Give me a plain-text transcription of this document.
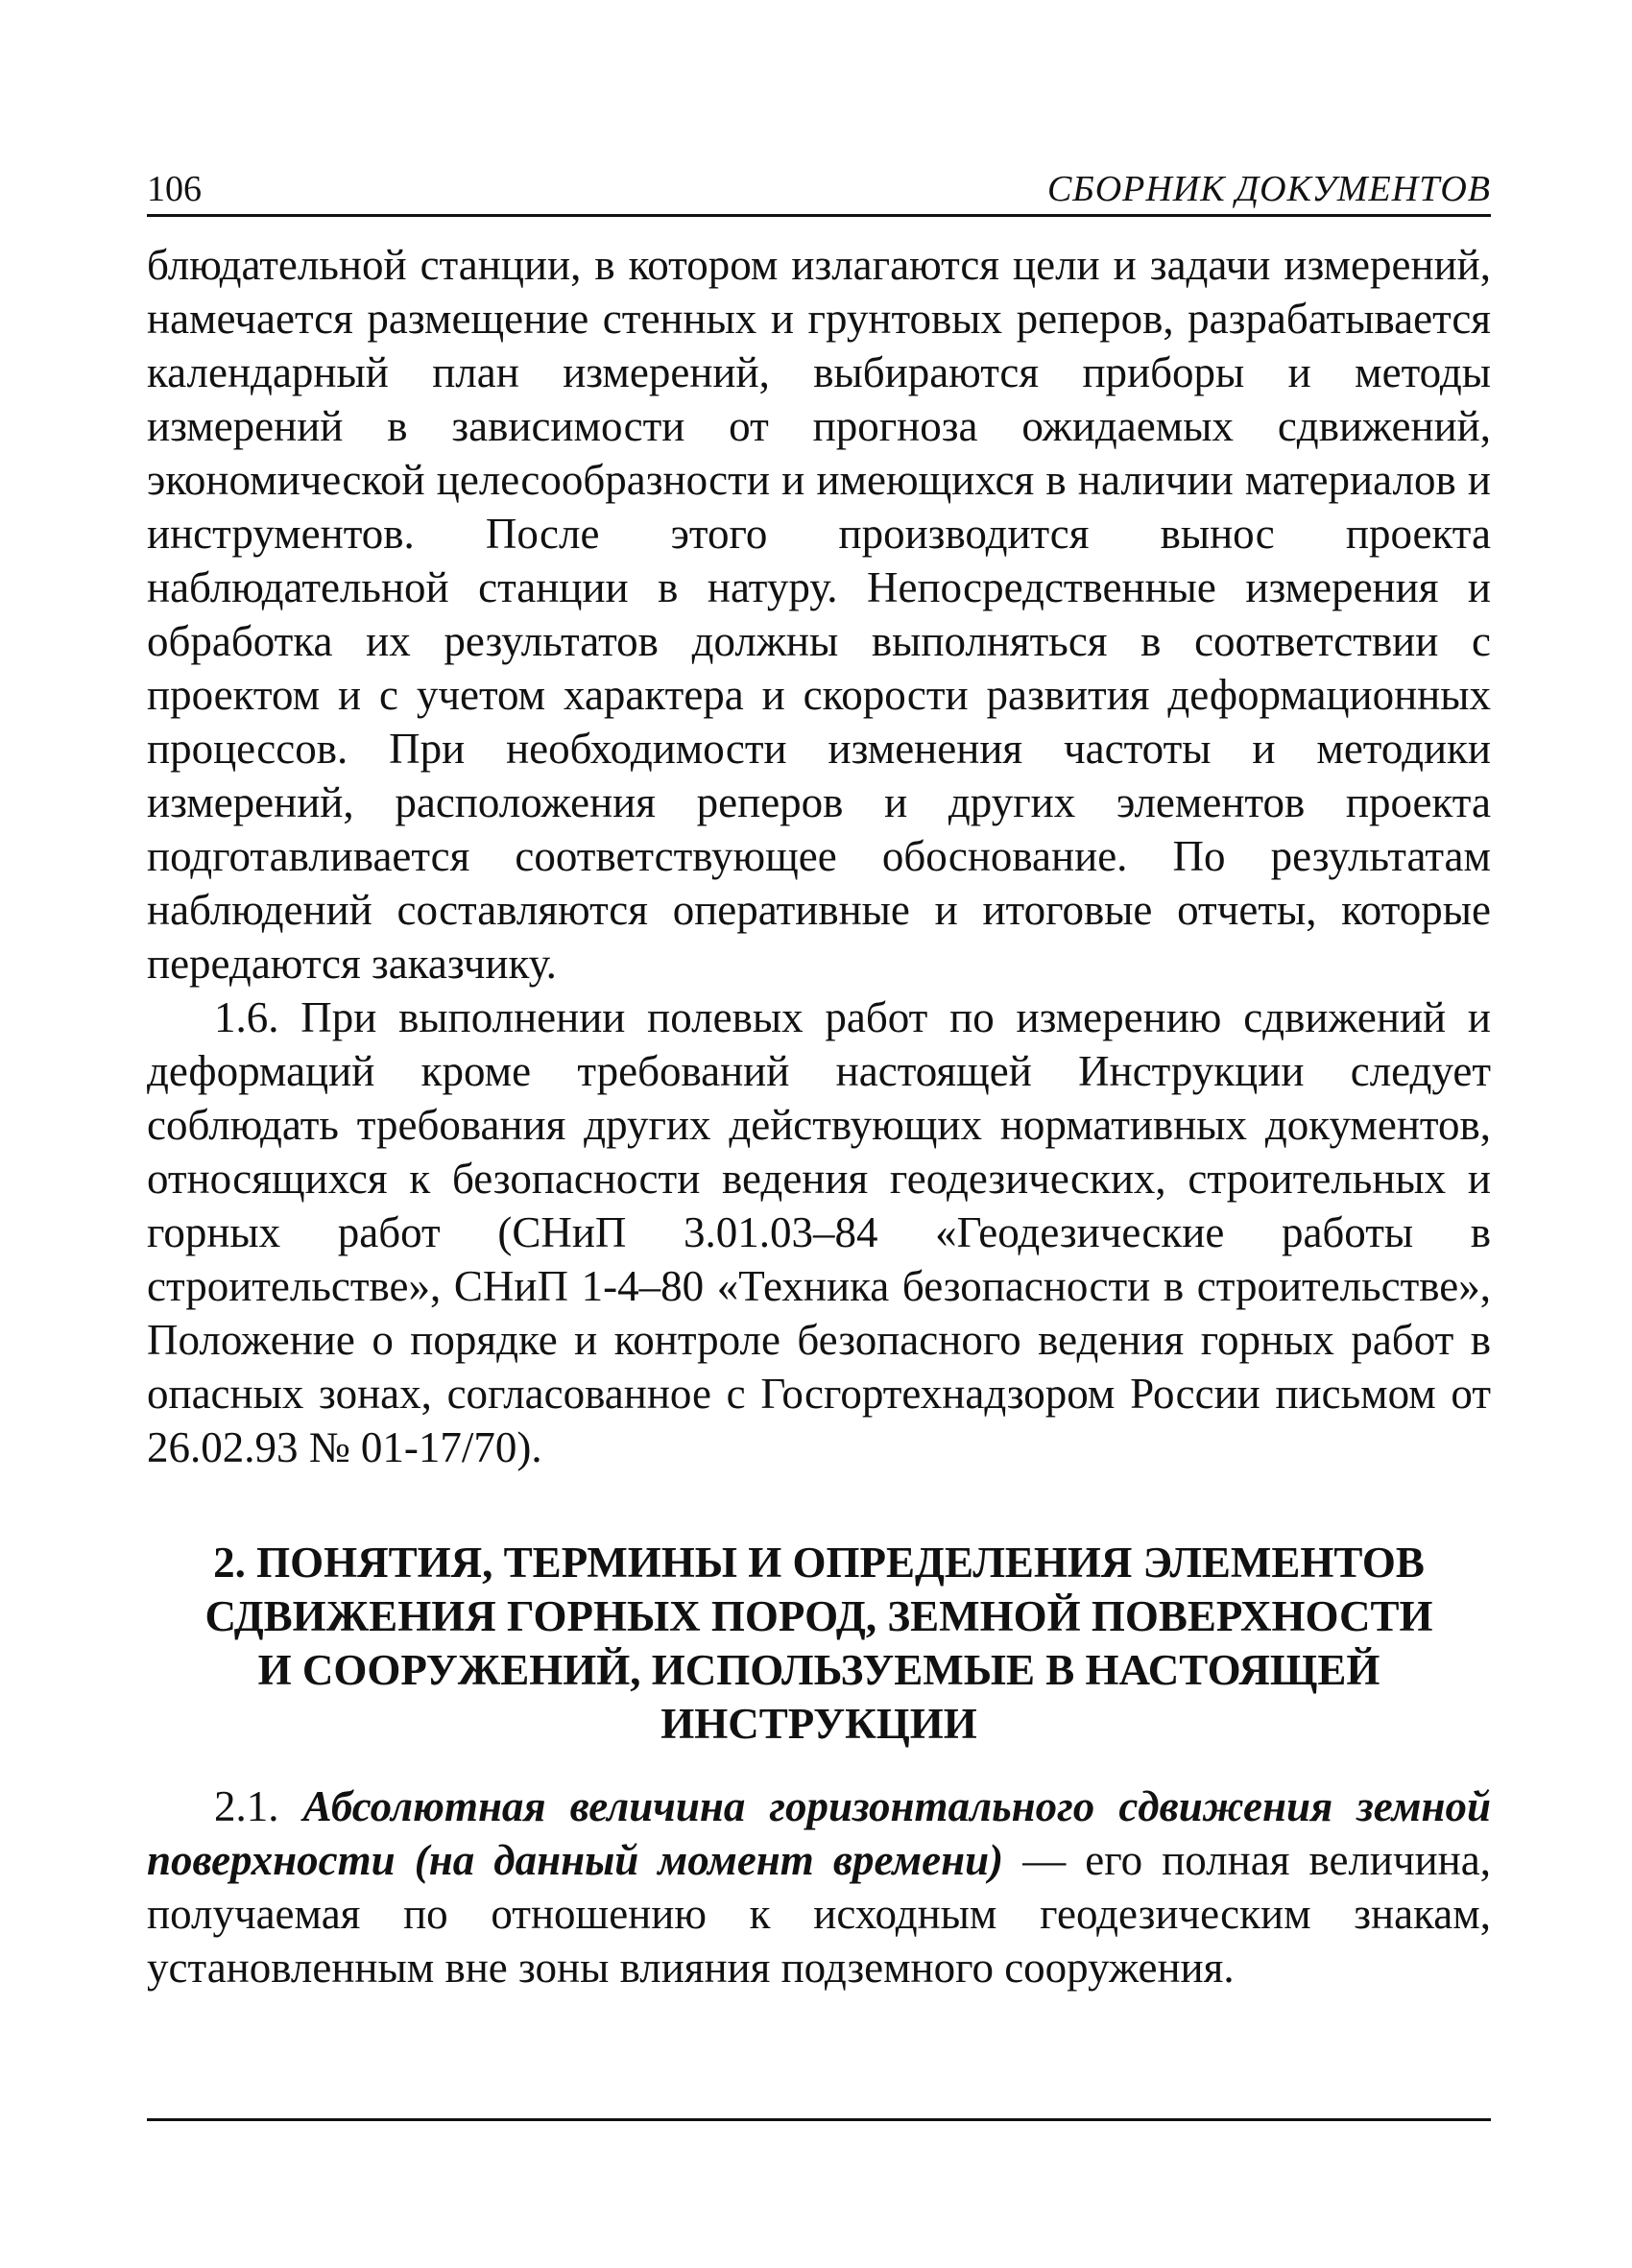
106	СБОРНИК ДОКУМЕНТОВ

блюдательной станции, в котором излагаются цели и задачи измерений, намечается размещение стенных и грунтовых реперов, разрабатывается календарный план измерений, выбираются приборы и методы измерений в зависимости от прогноза ожидаемых сдвижений, экономической целесообразности и имеющихся в наличии материалов и инструментов. После этого производится вынос проекта наблюдательной станции в натуру. Непосредственные измерения и обработка их результатов должны выполняться в соответствии с проектом и с учетом характера и скорости развития деформационных процессов. При необходимости изменения частоты и методики измерений, расположения реперов и других элементов проекта подготавливается соответствующее обоснование. По результатам наблюдений составляются оперативные и итоговые отчеты, которые передаются заказчику.

1.6. При выполнении полевых работ по измерению сдвижений и деформаций кроме требований настоящей Инструкции следует соблюдать требования других действующих нормативных документов, относящихся к безопасности ведения геодезических, строительных и горных работ (СНиП 3.01.03–84 «Геодезические работы в строительстве», СНиП 1-4–80 «Техника безопасности в строительстве», Положение о порядке и контроле безопасного ведения горных работ в опасных зонах, согласованное с Госгортехнадзором России письмом от 26.02.93 № 01-17/70).

2. ПОНЯТИЯ, ТЕРМИНЫ И ОПРЕДЕЛЕНИЯ ЭЛЕМЕНТОВ
СДВИЖЕНИЯ ГОРНЫХ ПОРОД, ЗЕМНОЙ ПОВЕРХНОСТИ
И СООРУЖЕНИЙ, ИСПОЛЬЗУЕМЫЕ В НАСТОЯЩЕЙ
ИНСТРУКЦИИ

2.1. Абсолютная величина горизонтального сдвижения земной поверхности (на данный момент времени) — его полная величина, получаемая по отношению к исходным геодезическим знакам, установленным вне зоны влияния подземного сооружения.
